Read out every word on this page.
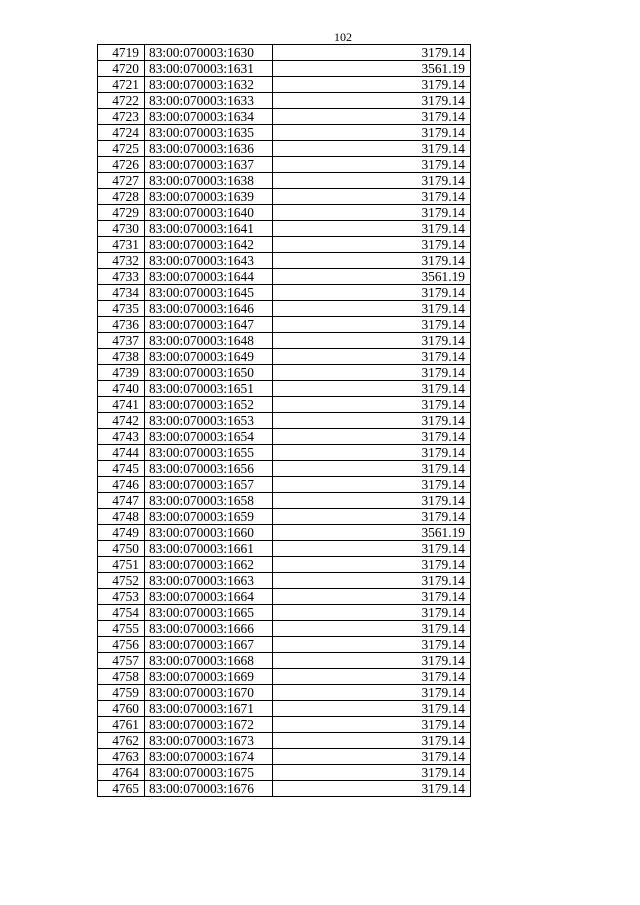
102
4719	83:00:070003:1630	3179.14
4720	83:00:070003:1631	3561.19
4721	83:00:070003:1632	3179.14
4722	83:00:070003:1633	3179.14
4723	83:00:070003:1634	3179.14
4724	83:00:070003:1635	3179.14
4725	83:00:070003:1636	3179.14
4726	83:00:070003:1637	3179.14
4727	83:00:070003:1638	3179.14
4728	83:00:070003:1639	3179.14
4729	83:00:070003:1640	3179.14
4730	83:00:070003:1641	3179.14
4731	83:00:070003:1642	3179.14
4732	83:00:070003:1643	3179.14
4733	83:00:070003:1644	3561.19
4734	83:00:070003:1645	3179.14
4735	83:00:070003:1646	3179.14
4736	83:00:070003:1647	3179.14
4737	83:00:070003:1648	3179.14
4738	83:00:070003:1649	3179.14
4739	83:00:070003:1650	3179.14
4740	83:00:070003:1651	3179.14
4741	83:00:070003:1652	3179.14
4742	83:00:070003:1653	3179.14
4743	83:00:070003:1654	3179.14
4744	83:00:070003:1655	3179.14
4745	83:00:070003:1656	3179.14
4746	83:00:070003:1657	3179.14
4747	83:00:070003:1658	3179.14
4748	83:00:070003:1659	3179.14
4749	83:00:070003:1660	3561.19
4750	83:00:070003:1661	3179.14
4751	83:00:070003:1662	3179.14
4752	83:00:070003:1663	3179.14
4753	83:00:070003:1664	3179.14
4754	83:00:070003:1665	3179.14
4755	83:00:070003:1666	3179.14
4756	83:00:070003:1667	3179.14
4757	83:00:070003:1668	3179.14
4758	83:00:070003:1669	3179.14
4759	83:00:070003:1670	3179.14
4760	83:00:070003:1671	3179.14
4761	83:00:070003:1672	3179.14
4762	83:00:070003:1673	3179.14
4763	83:00:070003:1674	3179.14
4764	83:00:070003:1675	3179.14
4765	83:00:070003:1676	3179.14
